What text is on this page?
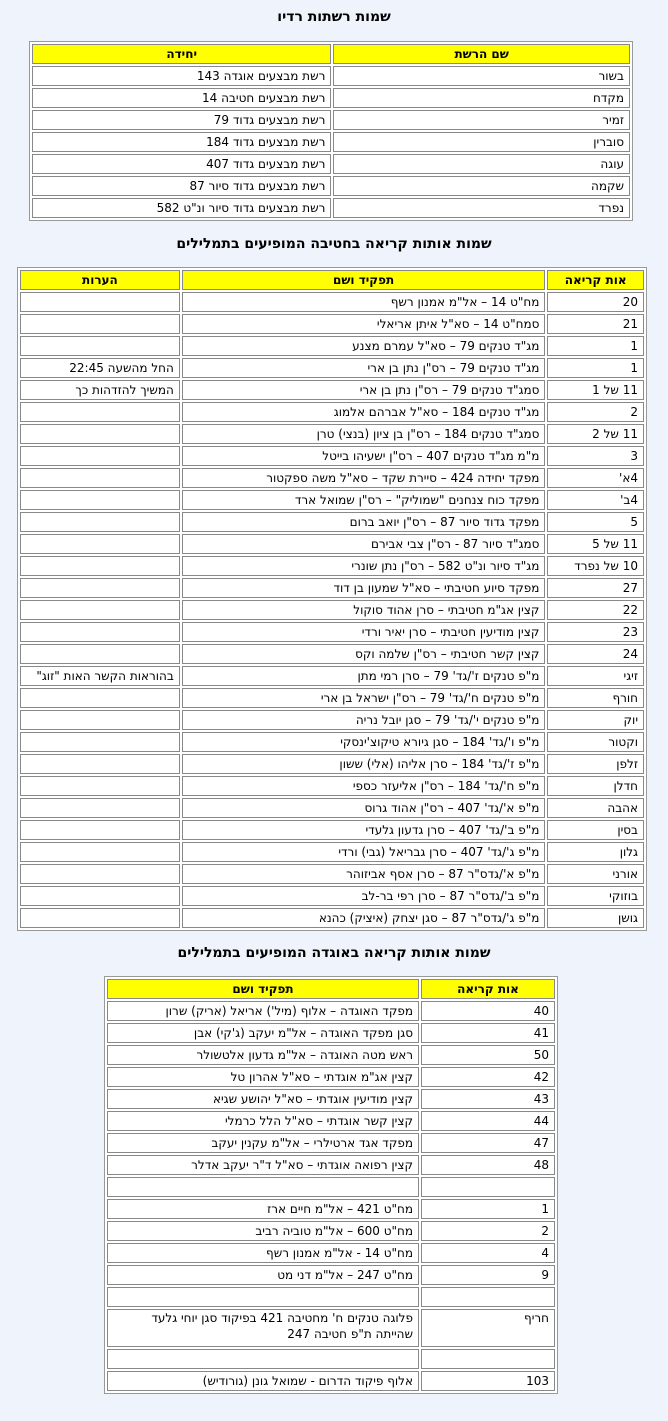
שמות רשתות רדיו
שם הרשת	יחידה
בשור	רשת מבצעים אוגדה 143
מקדח	רשת מבצעים חטיבה 14
זמיר	רשת מבצעים גדוד 79
סוברין	רשת מבצעים גדוד 184
עוגה	רשת מבצעים גדוד 407
שקמה	רשת מבצעים גדוד סיור 87
נפרד	רשת מבצעים גדוד סיור ונ"ט 582
שמות אותות קריאה בחטיבה המופיעים בתמלילים
אות קריאה	תפקיד ושם	הערות
20	מח"ט 14 – אל"מ אמנון רשף	
21	סמח"ט 14 – סא"ל איתן אריאלי	
1	מג"ד טנקים 79 – סא"ל עמרם מצנע	
1	מג"ד טנקים 79 – רס"ן נתן בן ארי	החל מהשעה 22:45
11 של 1	סמג"ד טנקים 79 – רס"ן נתן בן ארי	המשיך להזדהות כך
2	מג"ד טנקים 184 – סא"ל אברהם אלמוג	
11 של 2	סמג"ד טנקים 184 – רס"ן בן ציון (בנצי) טרן	
3	מ"מ מג"ד טנקים 407 – רס"ן ישעיהו בייטל	
4א'	מפקד יחידה 424 – סיירת שקד – סא"ל משה ספקטור	
4ב'	מפקד כוח צנחנים "שמוליק" – רס"ן שמואל ארד	
5	מפקד גדוד סיור 87 – רס"ן יואב ברום	
11 של 5	סמג"ד סיור 87 - רס"ן צבי אבירם	
10 של נפרד	מג"ד סיור ונ"ט 582 – רס"ן נתן שונרי	
27	מפקד סיוע חטיבתי – סא"ל שמעון בן דוד	
22	קצין אג"מ חטיבתי – סרן אהוד סוקול	
23	קצין מודיעין חטיבתי – סרן יאיר ורדי	
24	קצין קשר חטיבתי – רס"ן שלמה וקס	
זיגי	מ"פ טנקים ז'/גד' 79 – סרן רמי מתן	בהוראות הקשר האות "זוג"
חורף	מ"פ טנקים ח'/גד' 79 – רס"ן ישראל בן ארי	
יוק	מ"פ טנקים י'/גד' 79 – סגן יובל נריה	
וקטור	מ"פ ו'/גד' 184 – סגן גיורא טיקוצ'ינסקי	
זלפן	מ"פ ז'/גד' 184 – סרן אליהו (אלי) ששון	
חדלן	מ"פ ח'/גד' 184 – רס"ן אליעזר כספי	
אהבה	מ"פ א'/גד' 407 – רס"ן אהוד גרוס	
בסין	מ"פ ב'/גד' 407 – סרן גדעון גלעדי	
גלון	מ"פ ג'/גד' 407 – סרן גבריאל (גבי) ורדי	
אורני	מ"פ א'/גדס"ר 87 – סרן אסף אביזוהר	
בוזוקי	מ"פ ב'/גדס"ר 87 – סרן רפי בר-לב	
גושן	מ"פ ג'/גדס"ר 87 – סגן יצחק (איציק) כהנא	
שמות אותות קריאה באוגדה המופיעים בתמלילים
אות קריאה	תפקיד ושם
40	מפקד האוגדה – אלוף (מיל') אריאל (אריק) שרון
41	סגן מפקד האוגדה – אל"מ יעקב (ג'קי) אבן
50	ראש מטה האוגדה – אל"מ גדעון אלטשולר
42	קצין אג"מ אוגדתי – סא"ל אהרון טל
43	קצין מודיעין אוגדתי – סא"ל יהושע שגיא
44	קצין קשר אוגדתי – סא"ל הלל כרמלי
47	מפקד אגד ארטילרי – אל"מ עקנין יעקב
48	קצין רפואה אוגדתי – סא"ל ד"ר יעקב אדלר

1	מח"ט 421 – אל"מ חיים ארז
2	מח"ט 600 – אל"מ טוביה רביב
4	מח"ט 14 - אל"מ אמנון רשף
9	מח"ט 247 – אל"מ דני מט

חריף	פלוגה טנקים ח' מחטיבה 421 בפיקוד סגן יוחי גלעד שהייתה ת"פ חטיבה 247

103	אלוף פיקוד הדרום - שמואל גונן (גורודיש)
